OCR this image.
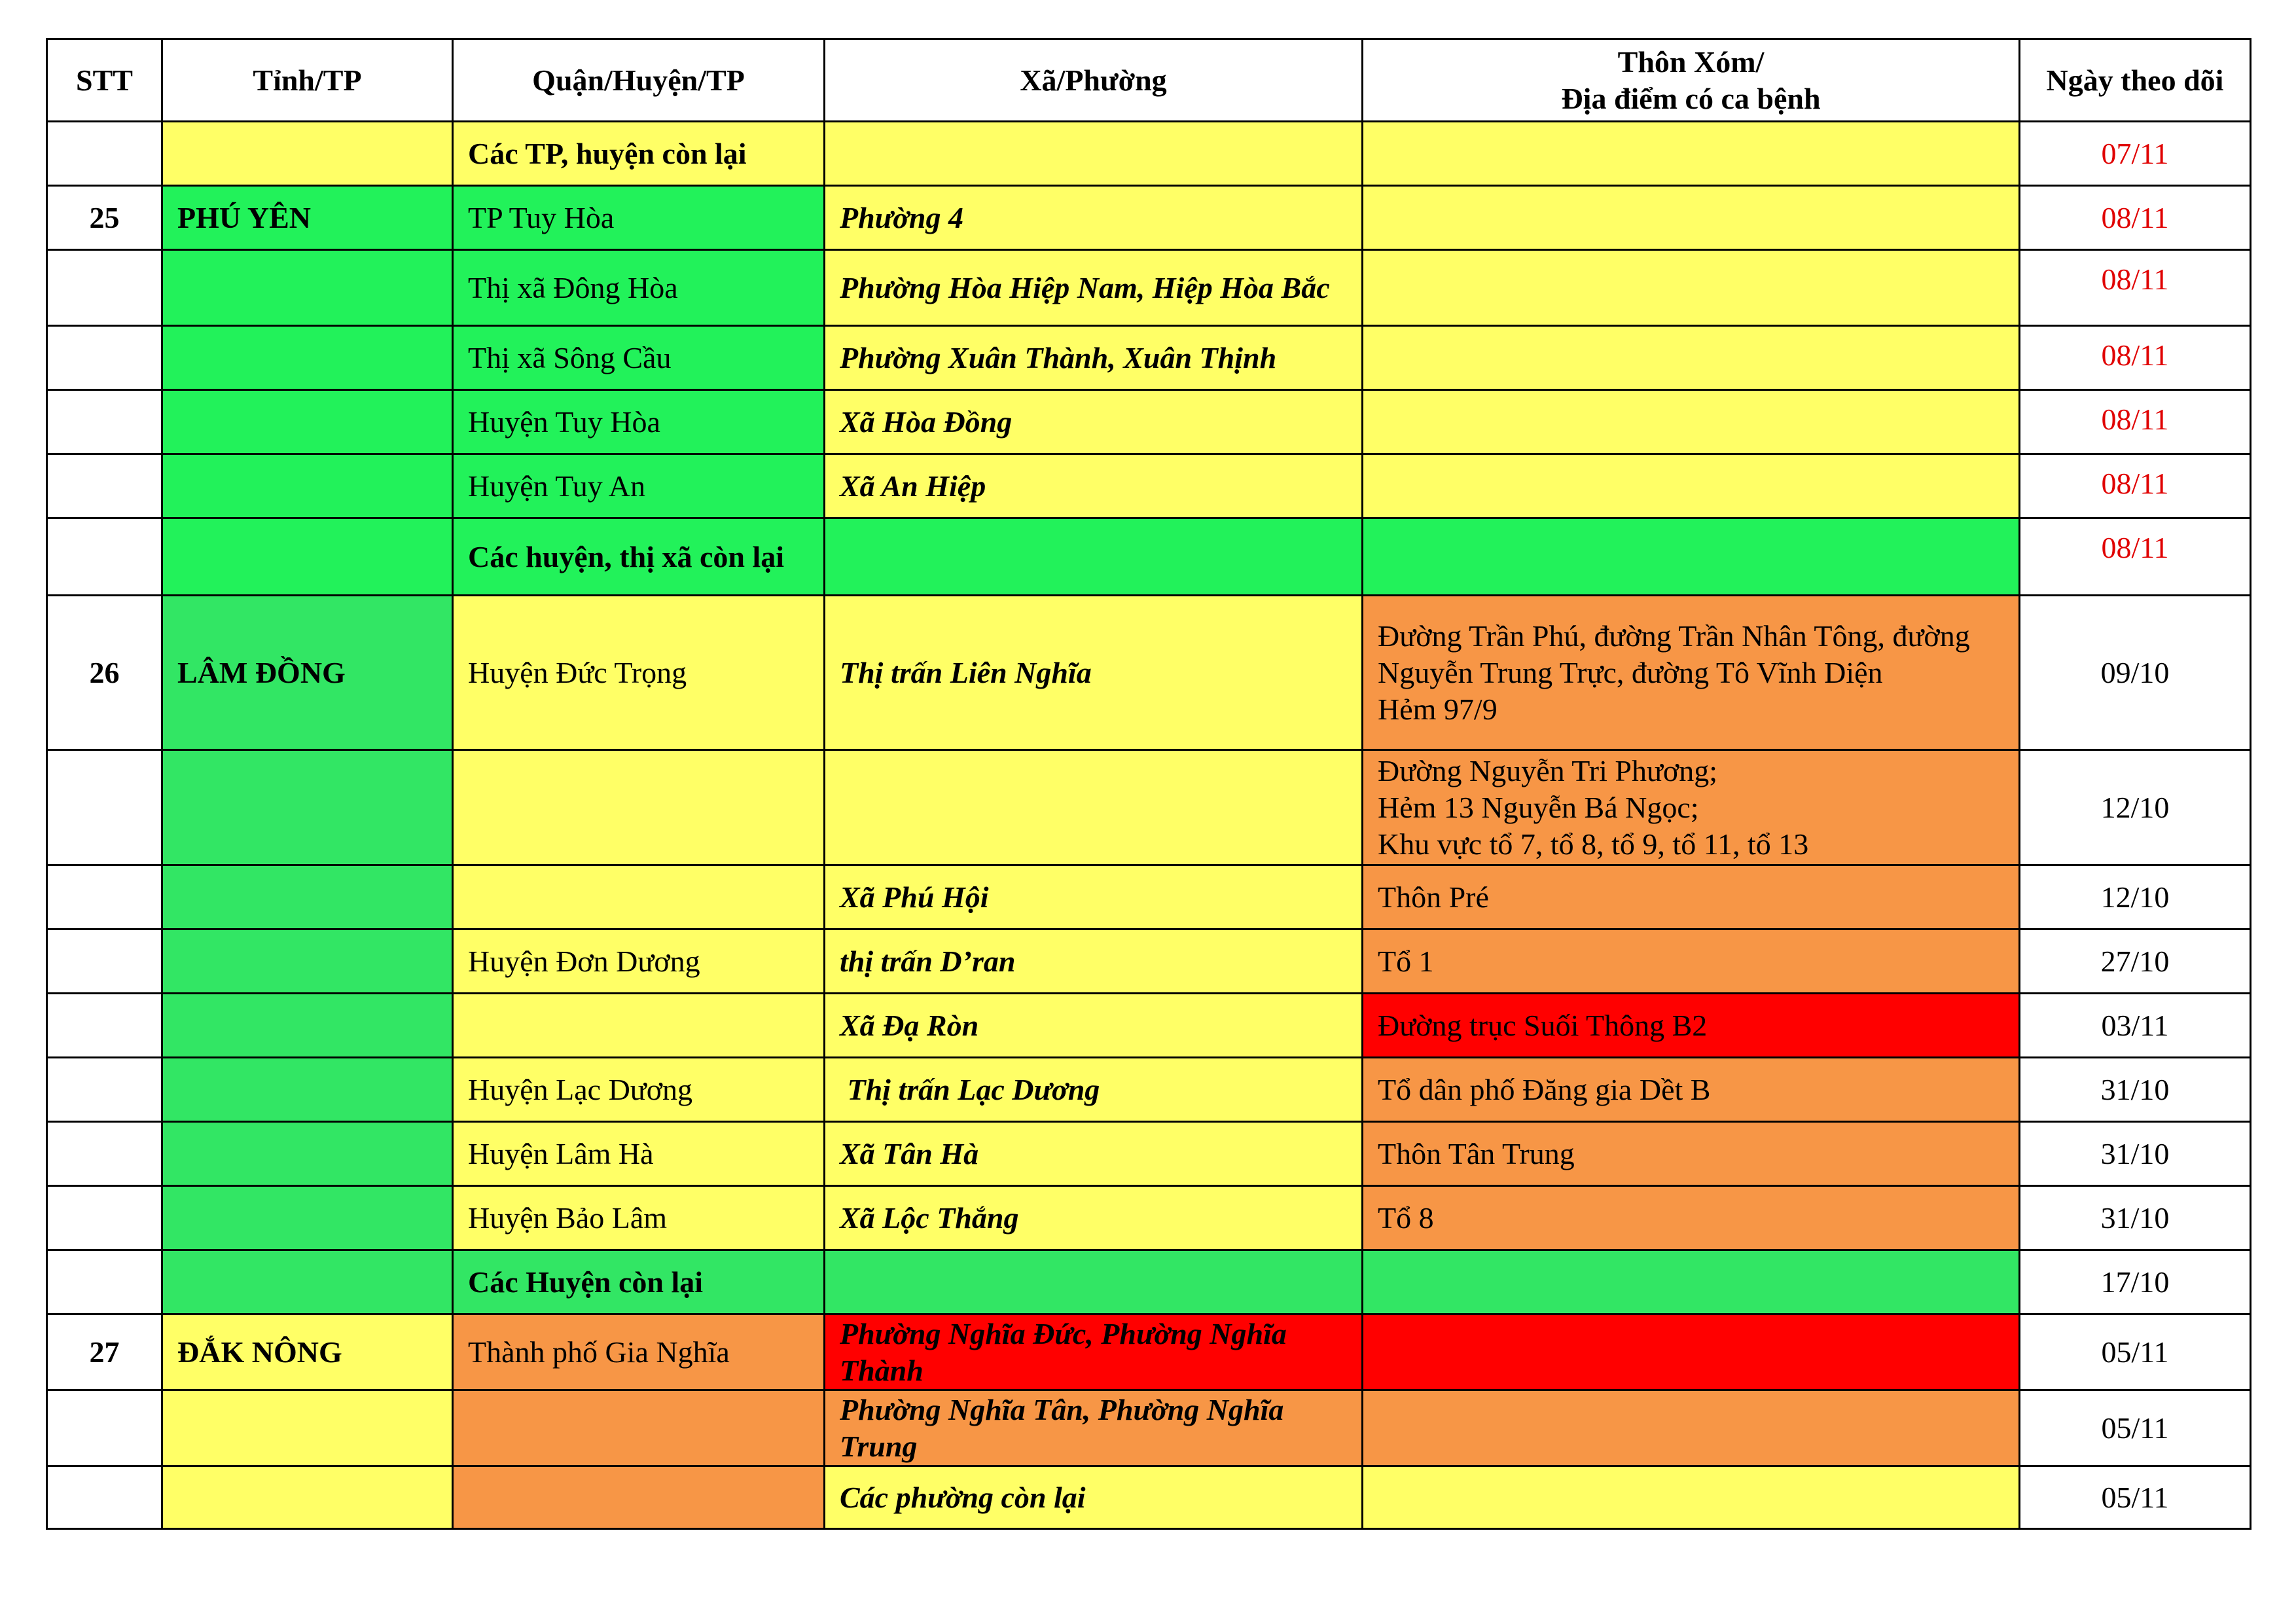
STT	Tỉnh/TP	Quận/Huyện/TP	Xã/Phường	Thôn Xóm/
Địa điểm có ca bệnh	Ngày theo dõi
		Các TP, huyện còn lại			07/11
25	PHÚ YÊN	TP Tuy Hòa	Phường 4		08/11
		Thị xã Đông Hòa	Phường Hòa Hiệp Nam, Hiệp Hòa Bắc		08/11
		Thị xã Sông Cầu	Phường Xuân Thành, Xuân Thịnh		08/11
		Huyện Tuy Hòa	Xã Hòa Đồng		08/11
		Huyện Tuy An	Xã An Hiệp		08/11
		Các huyện, thị xã còn lại			08/11
26	LÂM ĐỒNG	Huyện Đức Trọng	Thị trấn Liên Nghĩa	Đường Trần Phú, đường Trần Nhân Tông, đường Nguyễn Trung Trực, đường Tô Vĩnh Diện
Hẻm 97/9	09/10
				Đường Nguyễn Tri Phương;
Hẻm 13 Nguyễn Bá Ngọc;
Khu vực tổ 7, tổ 8, tổ 9, tổ 11, tổ 13	12/10
			Xã Phú Hội	Thôn Pré	12/10
		Huyện Đơn Dương	thị trấn D’ran	Tổ 1	27/10
			Xã Đạ Ròn	Đường trục Suối Thông B2	03/11
		Huyện Lạc Dương	Thị trấn Lạc Dương	Tổ dân phố Đăng gia Dềt B	31/10
		Huyện Lâm Hà	Xã Tân Hà	Thôn Tân Trung	31/10
		Huyện Bảo Lâm	Xã Lộc Thắng	Tổ 8	31/10
		Các Huyện còn lại			17/10
27	ĐẮK NÔNG	Thành phố Gia Nghĩa	Phường Nghĩa Đức, Phường Nghĩa Thành		05/11
			Phường Nghĩa Tân, Phường Nghĩa Trung		05/11
			Các phường còn lại		05/11
